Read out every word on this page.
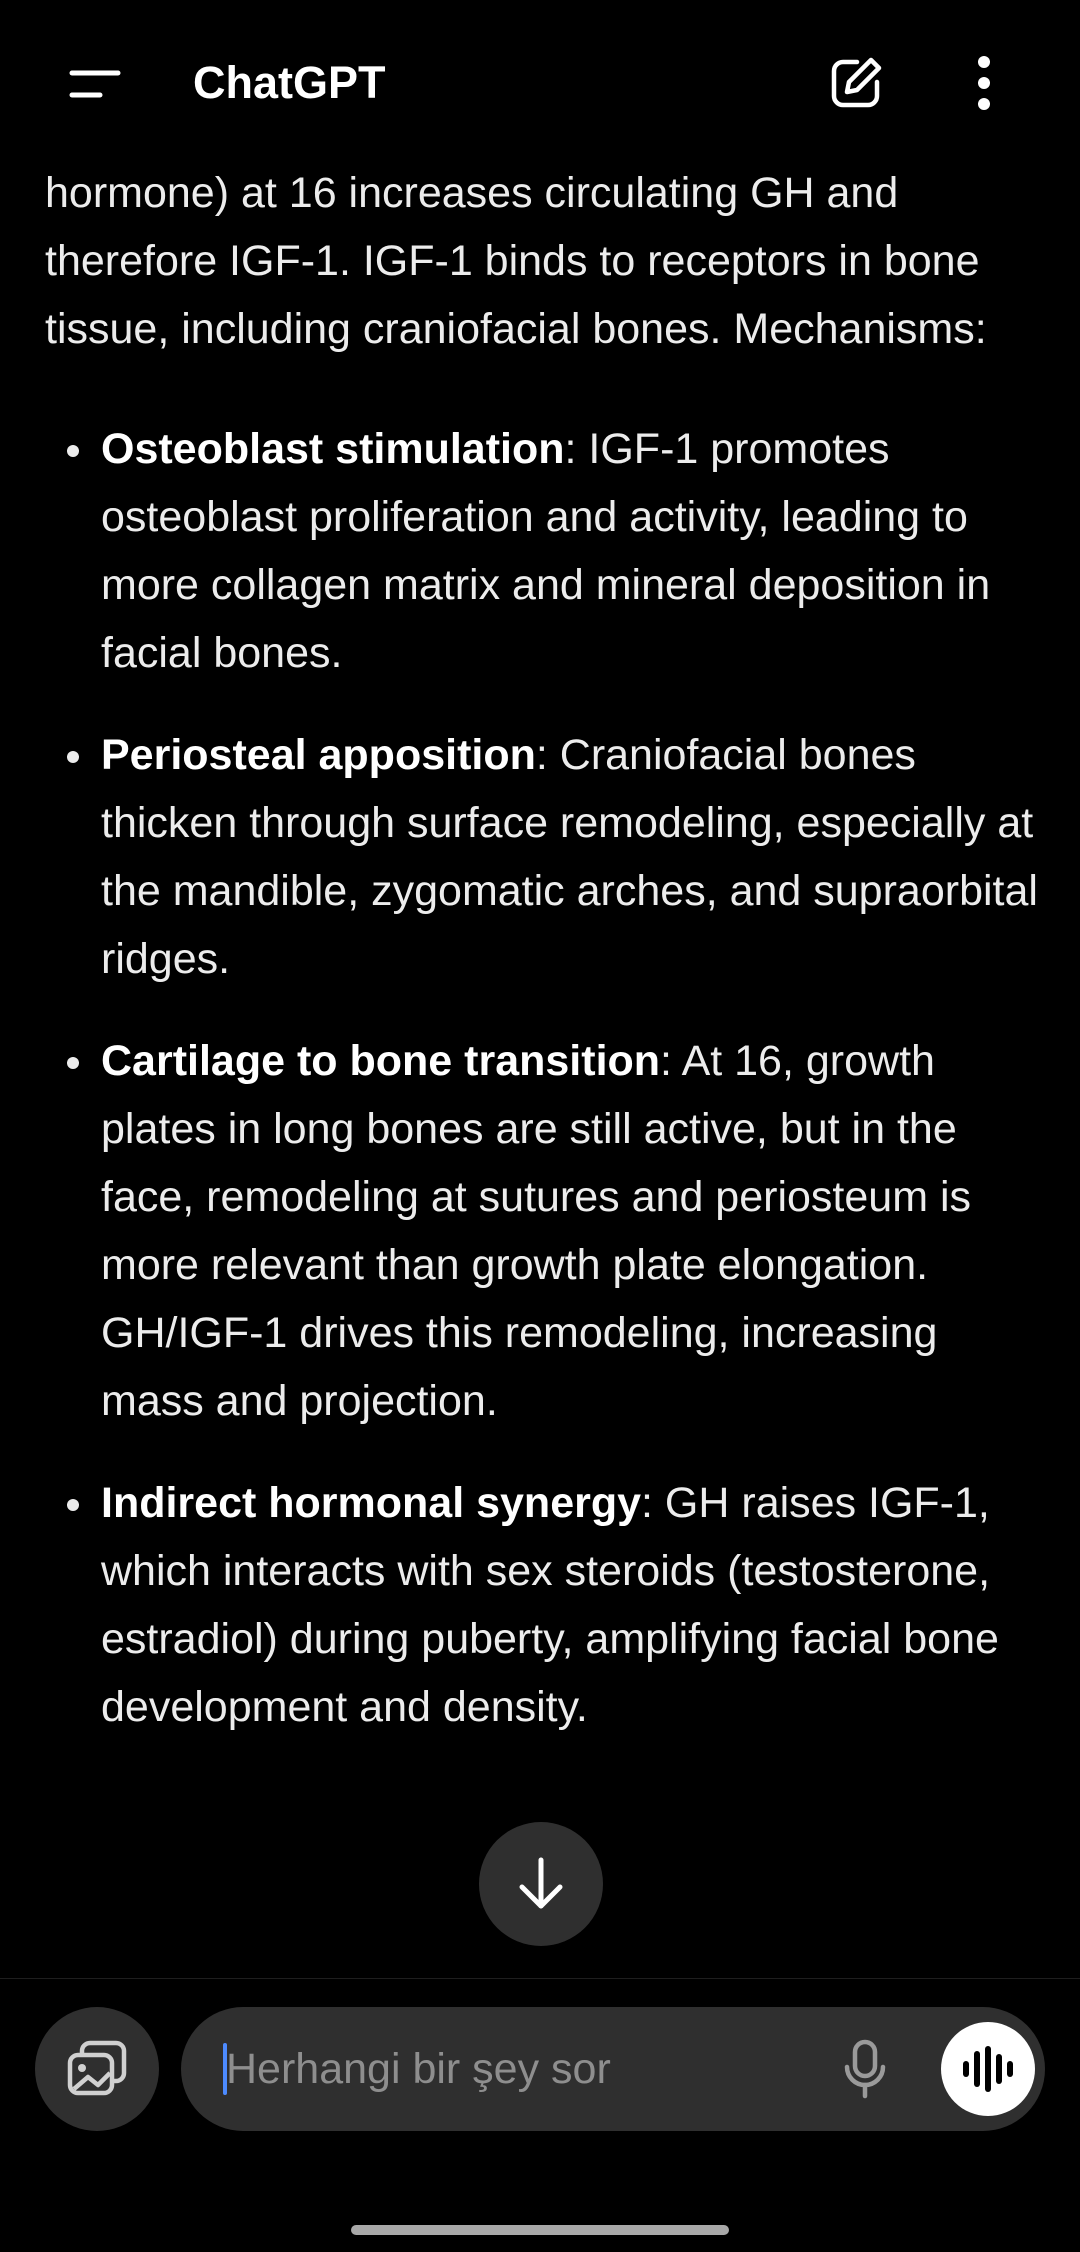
ChatGPT

hormone) at 16 increases circulating GH and therefore IGF-1. IGF-1 binds to receptors in bone tissue, including craniofacial bones. Mechanisms:

Osteoblast stimulation: IGF-1 promotes osteoblast proliferation and activity, leading to more collagen matrix and mineral deposition in facial bones.
Periosteal apposition: Craniofacial bones thicken through surface remodeling, especially at the mandible, zygomatic arches, and supraorbital ridges.
Cartilage to bone transition: At 16, growth plates in long bones are still active, but in the face, remodeling at sutures and periosteum is more relevant than growth plate elongation. GH/IGF-1 drives this remodeling, increasing mass and projection.
Indirect hormonal synergy: GH raises IGF-1, which interacts with sex steroids (testosterone, estradiol) during puberty, amplifying facial bone development and density.
Herhangi bir şey sor
